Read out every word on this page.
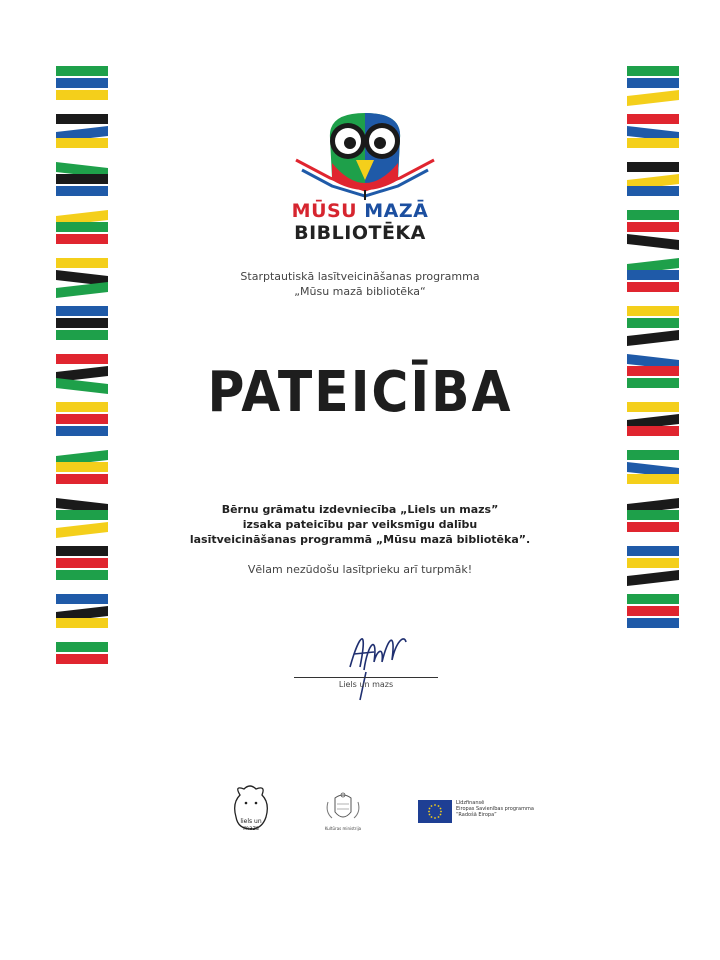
MŪSU MAZĀ
BIBLIOTĒKA
Starptautiskā lasītveicināšanas programma
„Mūsu mazā bibliotēka“
PATEICĪBA
Bērnu grāmatu izdevniecība „Liels un mazs”
izsaka pateicību par veiksmīgu dalību
lasītveicināšanas programmā „Mūsu mazā bibliotēka”.
Vēlam nezūdošu lasītprieku arī turpmāk!
Liels un mazs
liels un
mazs	Kultūras ministrija
Līdzfinansē
Eiropas Savienības programma
“Radošā Eiropa”
